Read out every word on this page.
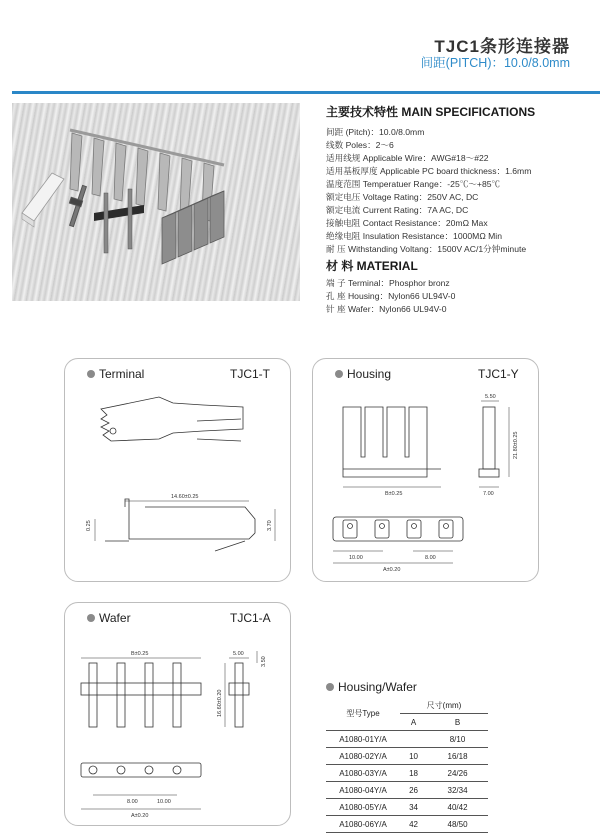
TJC1条形连接器
间距(PITCH)：10.0/8.0mm
主要技术特性 MAIN SPECIFICATIONS
间距 (Pitch)：10.0/8.0mm
线数 Poles：2～6
适用线规 Applicable Wire：AWG#18～#22
适用基板厚度 Applicable PC board thickness：1.6mm
温度范围 Temperatuer Range：-25℃～+85℃
额定电压 Voltage Rating：250V AC, DC
额定电流 Current Rating：7A AC, DC
接触电阻 Contact Resistance：20mΩ Max
绝缘电阻 Insulation Resistance：1000MΩ Min
耐 压 Withstanding Voltang：1500V AC/1分钟minute
材 料 MATERIAL
端 子 Terminal：Phosphor bronz
孔 座 Housing：Nylon66 UL94V-0
针 座 Wafer：Nylon66 UL94V-0
Terminal	TJC1-T
14.60±0.25
0.25	3.70
Housing	TJC1-Y
5.50
21.80±0.25
7.00
B±0.25
10.00	8.00
A±0.20
Wafer	TJC1-A
B±0.25	5.00
3.50
16.60±0.20
8.00	10.00
A±0.20
Housing/Wafer
型号Type	尺寸(mm)	
	A	B
A1080-01Y/A		8/10
A1080-02Y/A	10	16/18
A1080-03Y/A	18	24/26
A1080-04Y/A	26	32/34
A1080-05Y/A	34	40/42
A1080-06Y/A	42	48/50
